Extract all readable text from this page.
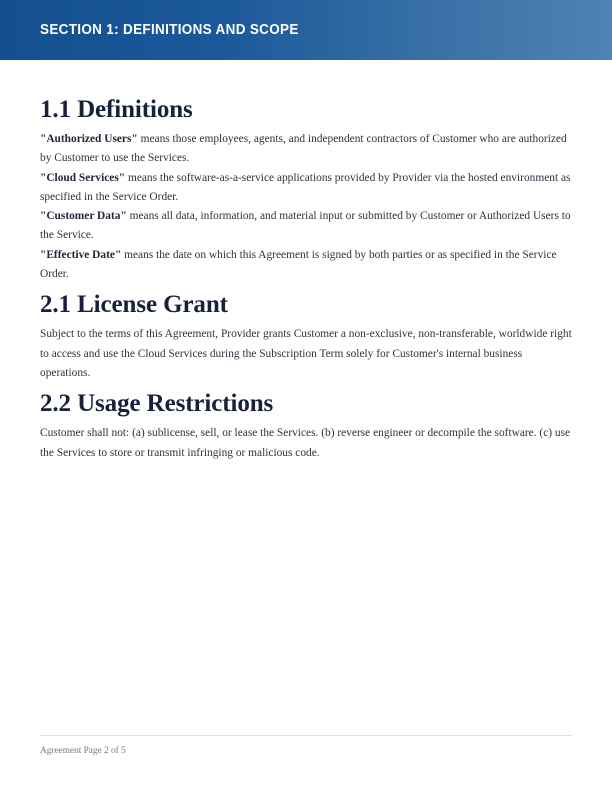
SECTION 1: DEFINITIONS AND SCOPE
1.1 Definitions

"Authorized Users" means those employees, agents, and independent contractors of Customer who are authorized by Customer to use the Services.

"Cloud Services" means the software-as-a-service applications provided by Provider via the hosted environment as specified in the Service Order.

"Customer Data" means all data, information, and material input or submitted by Customer or Authorized Users to the Service.

"Effective Date" means the date on which this Agreement is signed by both parties or as specified in the Service Order.

2.1 License Grant

Subject to the terms of this Agreement, Provider grants Customer a non-exclusive, non-transferable, worldwide right to access and use the Cloud Services during the Subscription Term solely for Customer's internal business operations.

2.2 Usage Restrictions

Customer shall not: (a) sublicense, sell, or lease the Services. (b) reverse engineer or decompile the software. (c) use the Services to store or transmit infringing or malicious code.

Agreement Page 2 of 5
